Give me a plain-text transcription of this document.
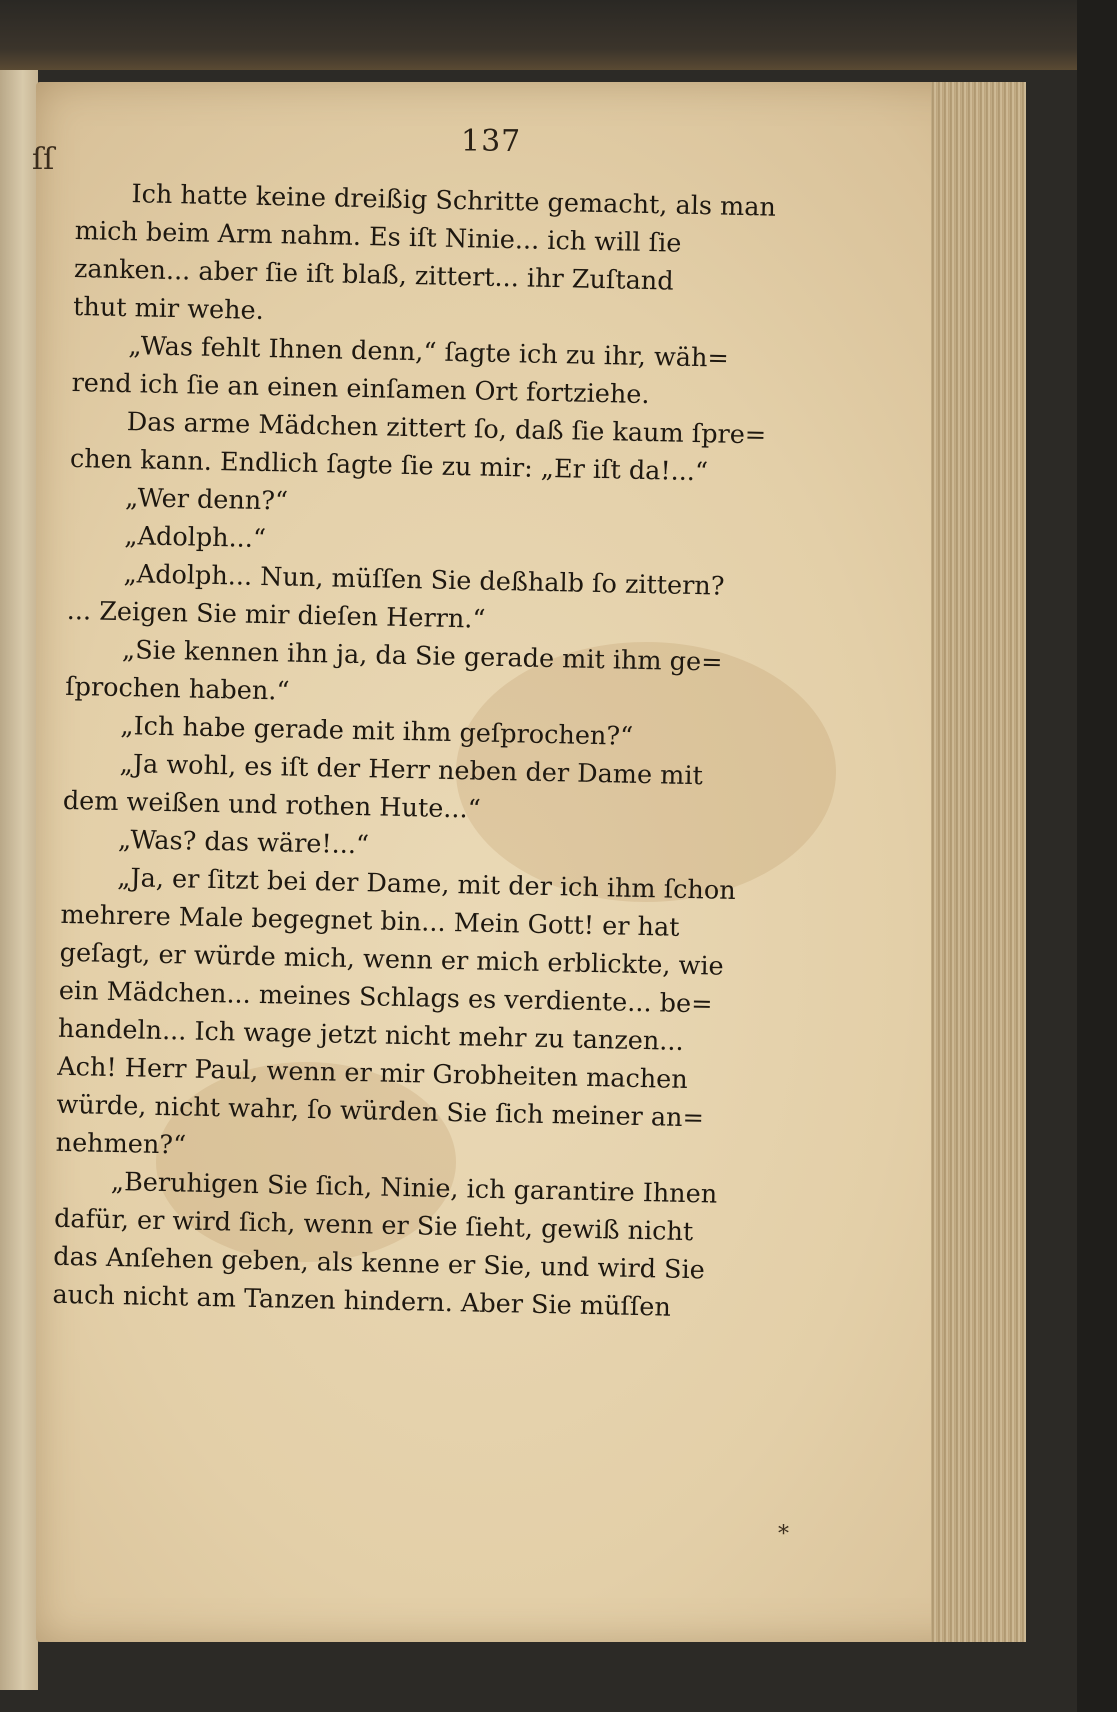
ſſ
137
Ich hatte keine dreißig Schritte gemacht, als man
mich beim Arm nahm. Es iſt Ninie... ich will ſie
zanken... aber ſie iſt blaß, zittert... ihr Zuſtand
thut mir wehe.
„Was fehlt Ihnen denn,“ ſagte ich zu ihr, wäh=
rend ich ſie an einen einſamen Ort fortziehe.
Das arme Mädchen zittert ſo, daß ſie kaum ſpre=
chen kann. Endlich ſagte ſie zu mir: „Er iſt da!...“
„Wer denn?“
„Adolph...“
„Adolph... Nun, müſſen Sie deßhalb ſo zittern?
... Zeigen Sie mir dieſen Herrn.“
„Sie kennen ihn ja, da Sie gerade mit ihm ge=
ſprochen haben.“
„Ich habe gerade mit ihm geſprochen?“
„Ja wohl, es iſt der Herr neben der Dame mit
dem weißen und rothen Hute...“
„Was? das wäre!...“
„Ja, er ſitzt bei der Dame, mit der ich ihm ſchon
mehrere Male begegnet bin... Mein Gott! er hat
geſagt, er würde mich, wenn er mich erblickte, wie
ein Mädchen... meines Schlags es verdiente... be=
handeln... Ich wage jetzt nicht mehr zu tanzen...
Ach! Herr Paul, wenn er mir Grobheiten machen
würde, nicht wahr, ſo würden Sie ſich meiner an=
nehmen?“
„Beruhigen Sie ſich, Ninie, ich garantire Ihnen
dafür, er wird ſich, wenn er Sie ſieht, gewiß nicht
das Anſehen geben, als kenne er Sie, und wird Sie
auch nicht am Tanzen hindern. Aber Sie müſſen
*
